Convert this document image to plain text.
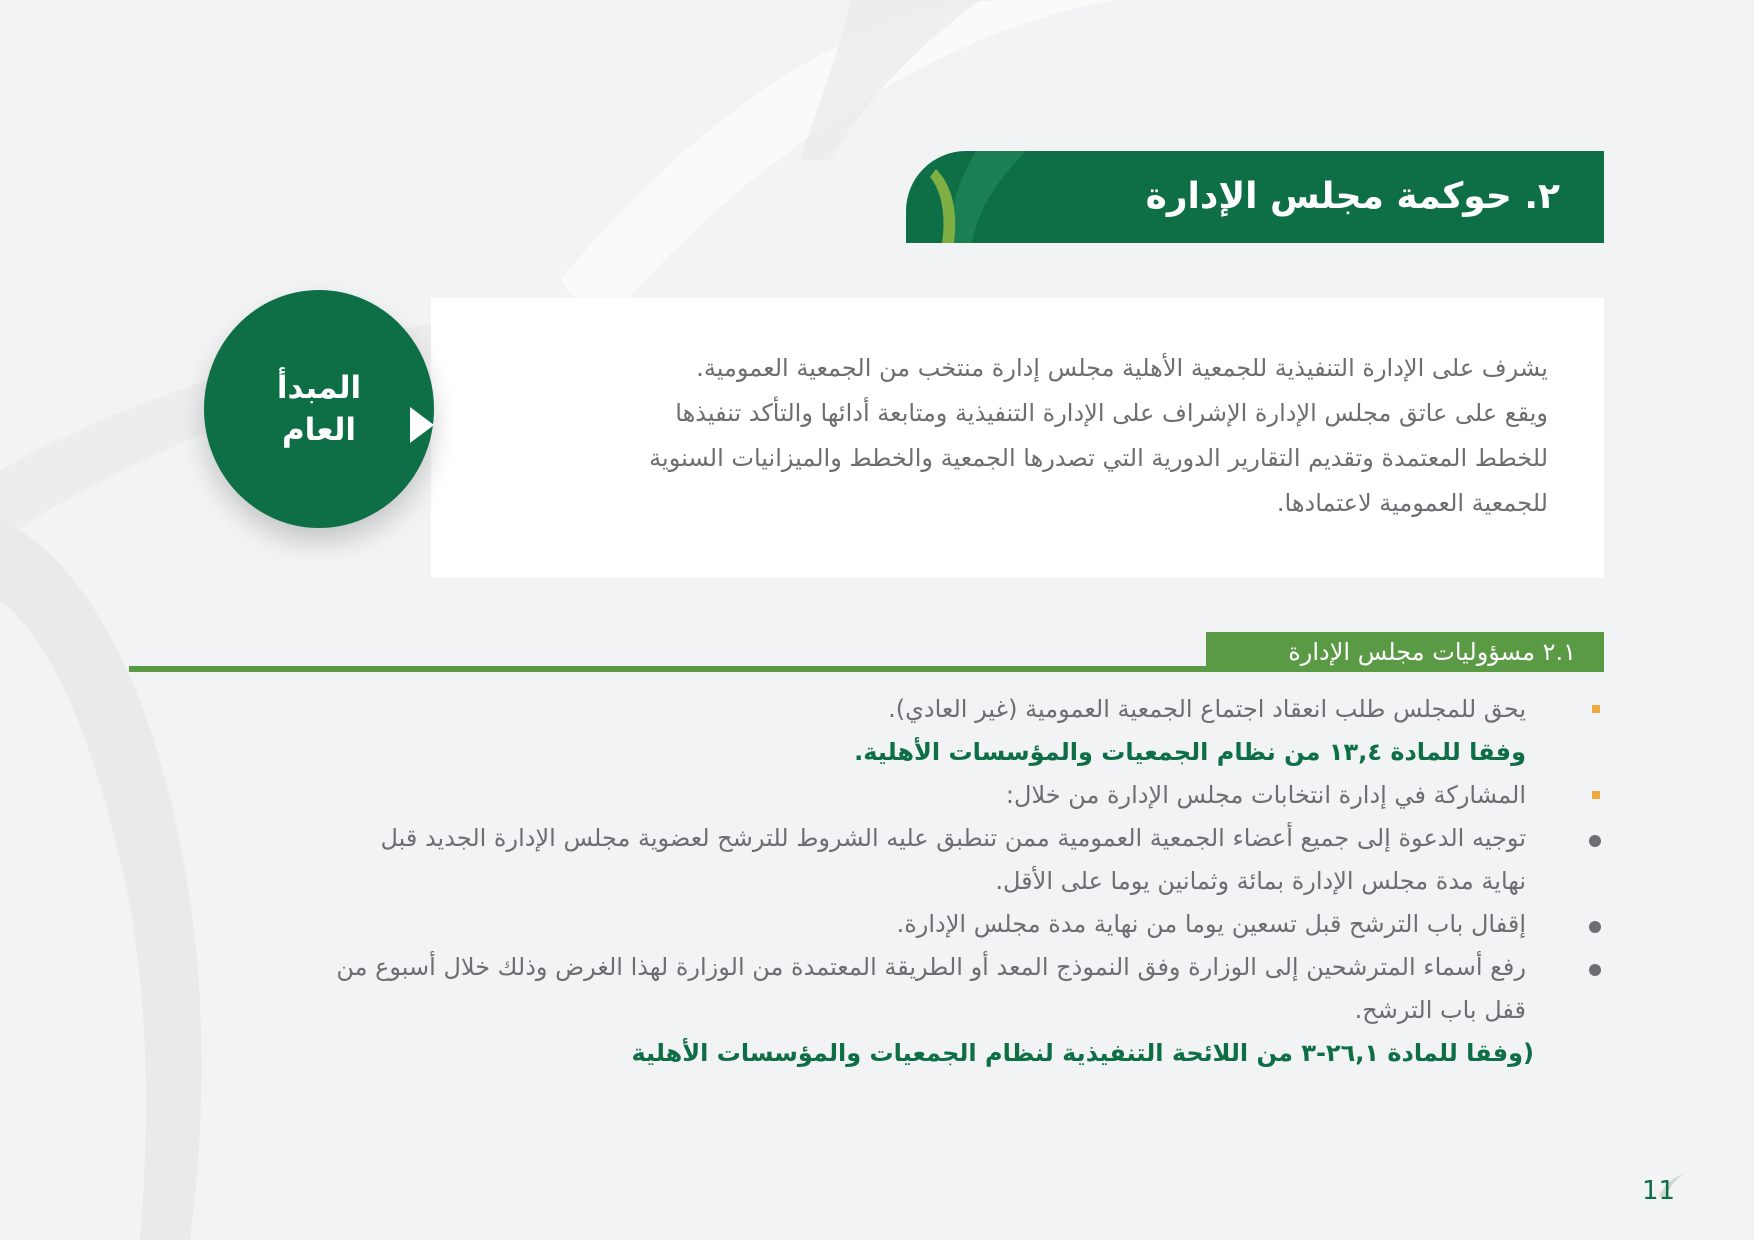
٢. حوكمة مجلس الإدارة

يشرف على الإدارة التنفيذية للجمعية الأهلية مجلس إدارة منتخب من الجمعية العمومية.

ويقع على عاتق مجلس الإدارة الإشراف على الإدارة التنفيذية ومتابعة أدائها والتأكد تنفيذها

للخطط المعتمدة وتقديم التقارير الدورية التي تصدرها الجمعية والخطط والميزانيات السنوية

للجمعية العمومية لاعتمادها.

المبدأ
العام
٢.١ مسؤوليات مجلس الإدارة
يحق للمجلس طلب انعقاد اجتماع الجمعية العمومية (غير العادي).
وفقا للمادة ١٣,٤ من نظام الجمعيات والمؤسسات الأهلية.
المشاركة في إدارة انتخابات مجلس الإدارة من خلال:
توجيه الدعوة إلى جميع أعضاء الجمعية العمومية ممن تنطبق عليه الشروط للترشح لعضوية مجلس الإدارة الجديد قبل
نهاية مدة مجلس الإدارة بمائة وثمانين يوما على الأقل.
إقفال باب الترشح قبل تسعين يوما من نهاية مدة مجلس الإدارة.
رفع أسماء المترشحين إلى الوزارة وفق النموذج المعد أو الطريقة المعتمدة من الوزارة لهذا الغرض وذلك خلال أسبوع من
قفل باب الترشح.
(وفقا للمادة ٢٦,١-٣ من اللائحة التنفيذية لنظام الجمعيات والمؤسسات الأهلية
11
